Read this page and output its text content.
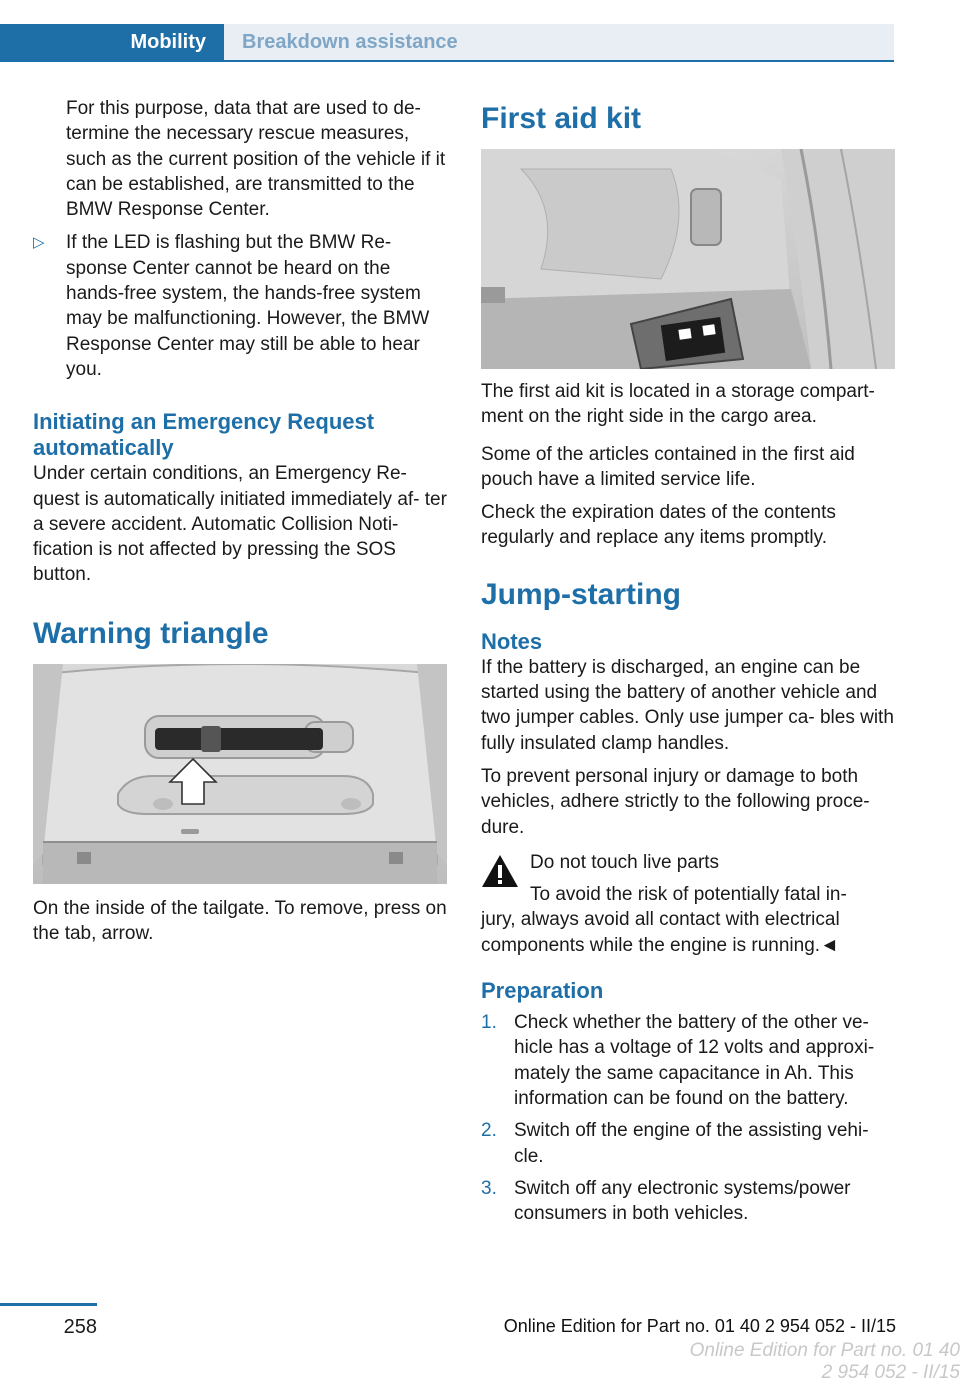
Mobility	Breakdown assistance

For this purpose, data that are used to de- termine the necessary rescue measures, such as the current position of the vehicle if it can be established, are transmitted to the BMW Response Center.

▷ If the LED is flashing but the BMW Re- sponse Center cannot be heard on the hands-free system, the hands-free system may be malfunctioning. However, the BMW Response Center may still be able to hear you.
Initiating an Emergency Request automatically

Under certain conditions, an Emergency Re- quest is automatically initiated immediately af- ter a severe accident. Automatic Collision Noti- fication is not affected by pressing the SOS button.

Warning triangle

On the inside of the tailgate. To remove, press on the tab, arrow.

First aid kit

The first aid kit is located in a storage compart- ment on the right side in the cargo area.

Some of the articles contained in the first aid pouch have a limited service life.

Check the expiration dates of the contents regularly and replace any items promptly.

Jump-starting
Notes

If the battery is discharged, an engine can be started using the battery of another vehicle and two jumper cables. Only use jumper ca- bles with fully insulated clamp handles.

To prevent personal injury or damage to both vehicles, adhere strictly to the following proce- dure.

Do not touch live parts

To avoid the risk of potentially fatal in-

jury, always avoid all contact with electrical components while the engine is running.◄

Preparation
1. Check whether the battery of the other ve- hicle has a voltage of 12 volts and approxi- mately the same capacitance in Ah. This information can be found on the battery.
2. Switch off the engine of the assisting vehi- cle.
3. Switch off any electronic systems/power consumers in both vehicles.
258	Online Edition for Part no. 01 40 2 954 052 - II/15
Online Edition for Part no. 01 40 2 954 052 - II/15
